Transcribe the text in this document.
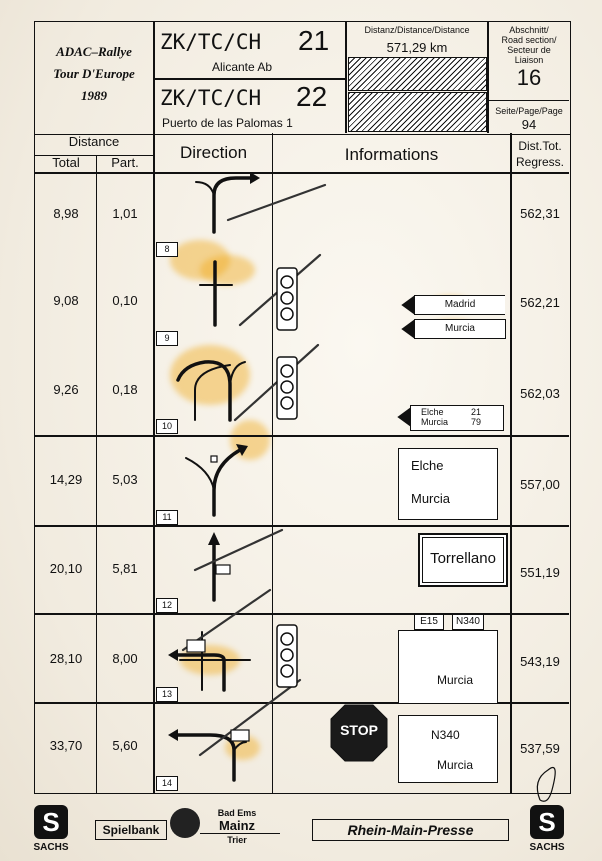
ADAC–Rallye
Tour D'Europe
1989
ZK/TC/CH 21
Alicante Ab
ZK/TC/CH 22
Puerto de las Palomas 1
Distanz/Distance/Distance
571,29 km
Abschnitt/
Road section/
Secteur de
Liaison
16
Seite/Page/Page
94
Distance
Total	Part.
Direction	Informations	Dist.Tot.
Regress.
8,98	1,01	562,31
9,08	0,10	562,21
9,26	0,18	562,03
14,29	5,03	557,00
20,10	5,81	551,19
28,10	8,00	543,19
33,70	5,60	537,59
8
9
10
11
12
13
14
Madrid
Murcia
Elche	21
Murcia	79
Elche
Murcia
Torrellano
E15	N340
Murcia
STOP	N340
Murcia
S
SACHS
Spielbank
Bad Ems
Mainz
Trier
Rhein-Main-Presse	S
SACHS
